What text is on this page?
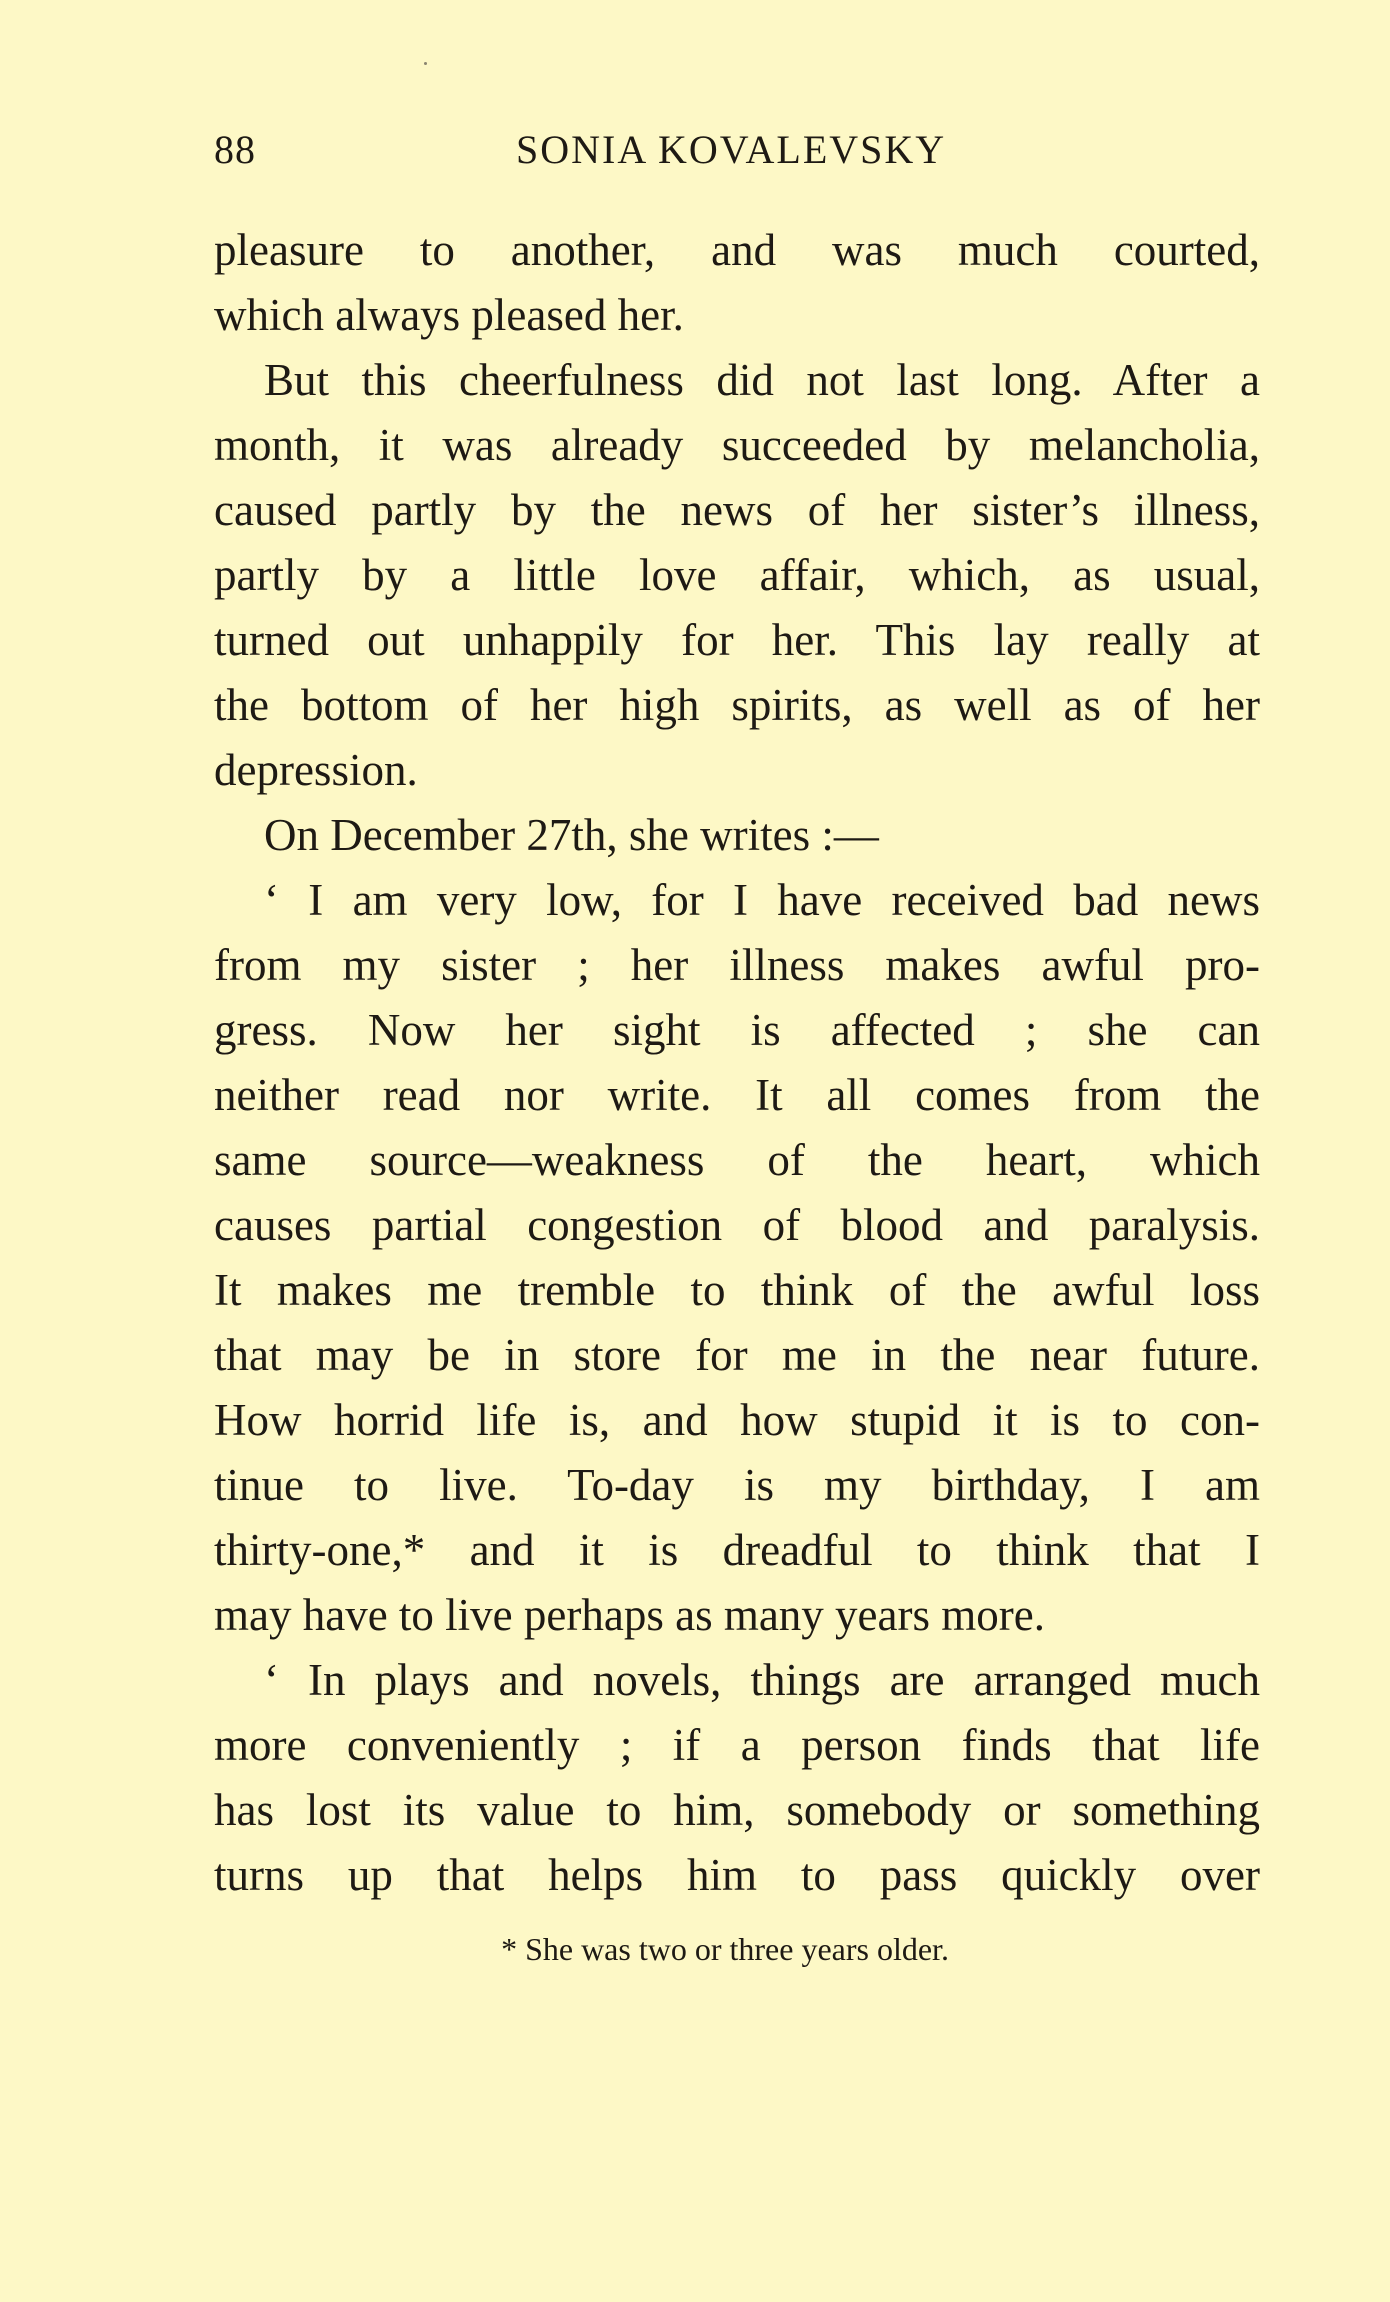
88	SONIA KOVALEVSKY
pleasure to another, and was much courted,
which always pleased her.
But this cheerfulness did not last long. After a
month, it was already succeeded by melancholia,
caused partly by the news of her sister’s illness,
partly by a little love affair, which, as usual,
turned out unhappily for her. This lay really at
the bottom of her high spirits, as well as of her
depression.
On December 27th, she writes :—
‘ I am very low, for I have received bad news
from my sister ; her illness makes awful pro-
gress. Now her sight is affected ; she can
neither read nor write. It all comes from the
same source—weakness of the heart, which
causes partial congestion of blood and paralysis.
It makes me tremble to think of the awful loss
that may be in store for me in the near future.
How horrid life is, and how stupid it is to con-
tinue to live. To-day is my birthday, I am
thirty-one,* and it is dreadful to think that I
may have to live perhaps as many years more.
‘ In plays and novels, things are arranged much
more conveniently ; if a person finds that life
has lost its value to him, somebody or something
turns up that helps him to pass quickly over
* She was two or three years older.
